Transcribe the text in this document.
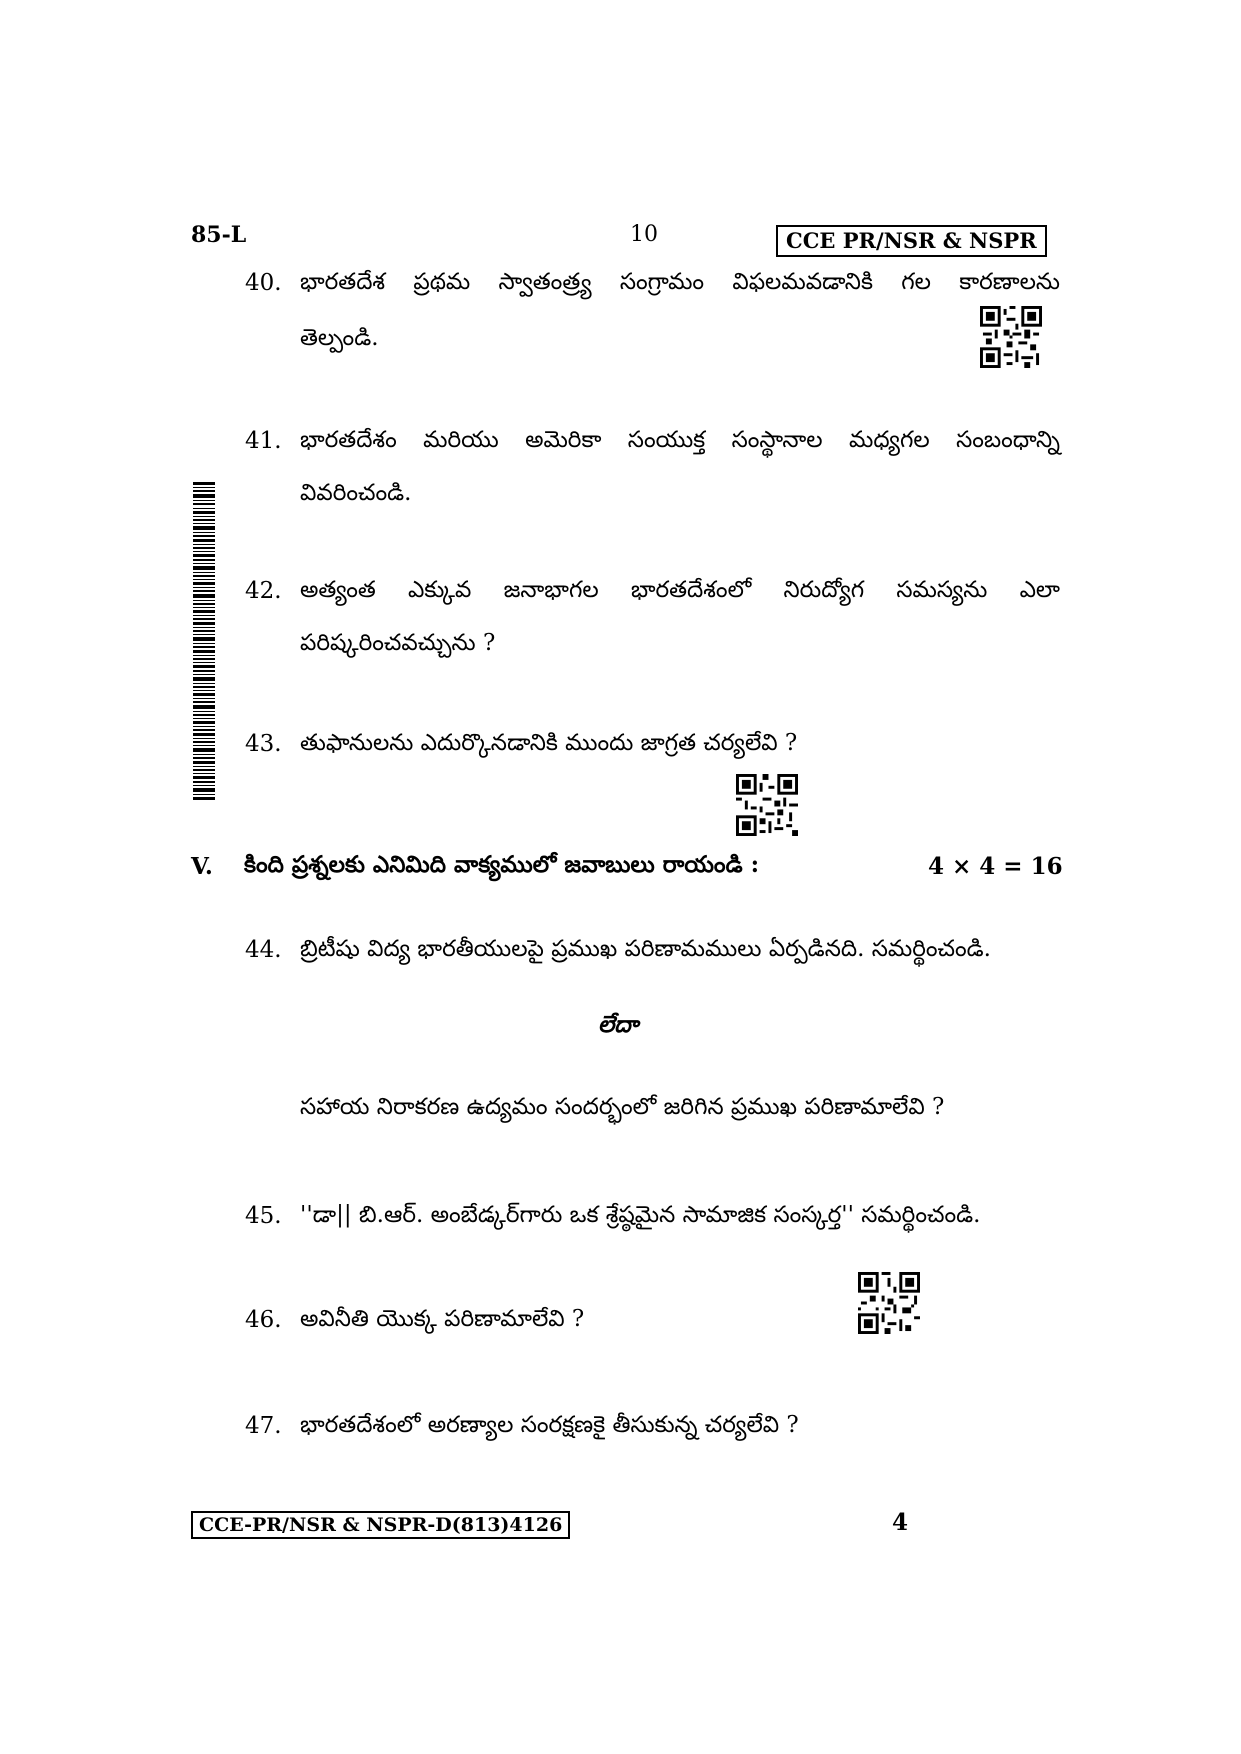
85-L	10	CCE PR/NSR & NSPR
40. భారతదేశ ప్రథమ స్వాతంత్ర్య సంగ్రామం విఫలమవడానికి గల కారణాలను
తెల్పండి.
41. భారతదేశం మరియు అమెరికా సంయుక్త సంస్థానాల మధ్యగల సంబంధాన్ని
వివరించండి.
42. అత్యంత ఎక్కువ జనాభాగల భారతదేశంలో నిరుద్యోగ సమస్యను ఎలా
పరిష్కరించవచ్చును ?
43. తుఫానులను ఎదుర్కొనడానికి ముందు జాగ్రత చర్యలేవి ?
V. కింది ప్రశ్నలకు ఎనిమిది వాక్యములో జవాబులు రాయండి :	4 × 4 = 16
44. బ్రిటీషు విద్య భారతీయులపై ప్రముఖ పరిణామములు ఏర్పడినది. సమర్థించండి.
లేదా
సహాయ నిరాకరణ ఉద్యమం సందర్భంలో జరిగిన ప్రముఖ పరిణామాలేవి ?
45. ''డా|| బి.ఆర్. అంబేడ్కర్‌గారు ఒక శ్రేష్ఠమైన సామాజిక సంస్కర్త'' సమర్థించండి.
46. అవినీతి యొక్క పరిణామాలేవి ?
47. భారతదేశంలో అరణ్యాల సంరక్షణకై తీసుకున్న చర్యలేవి ?
CCE-PR/NSR & NSPR-D(813)4126	4
